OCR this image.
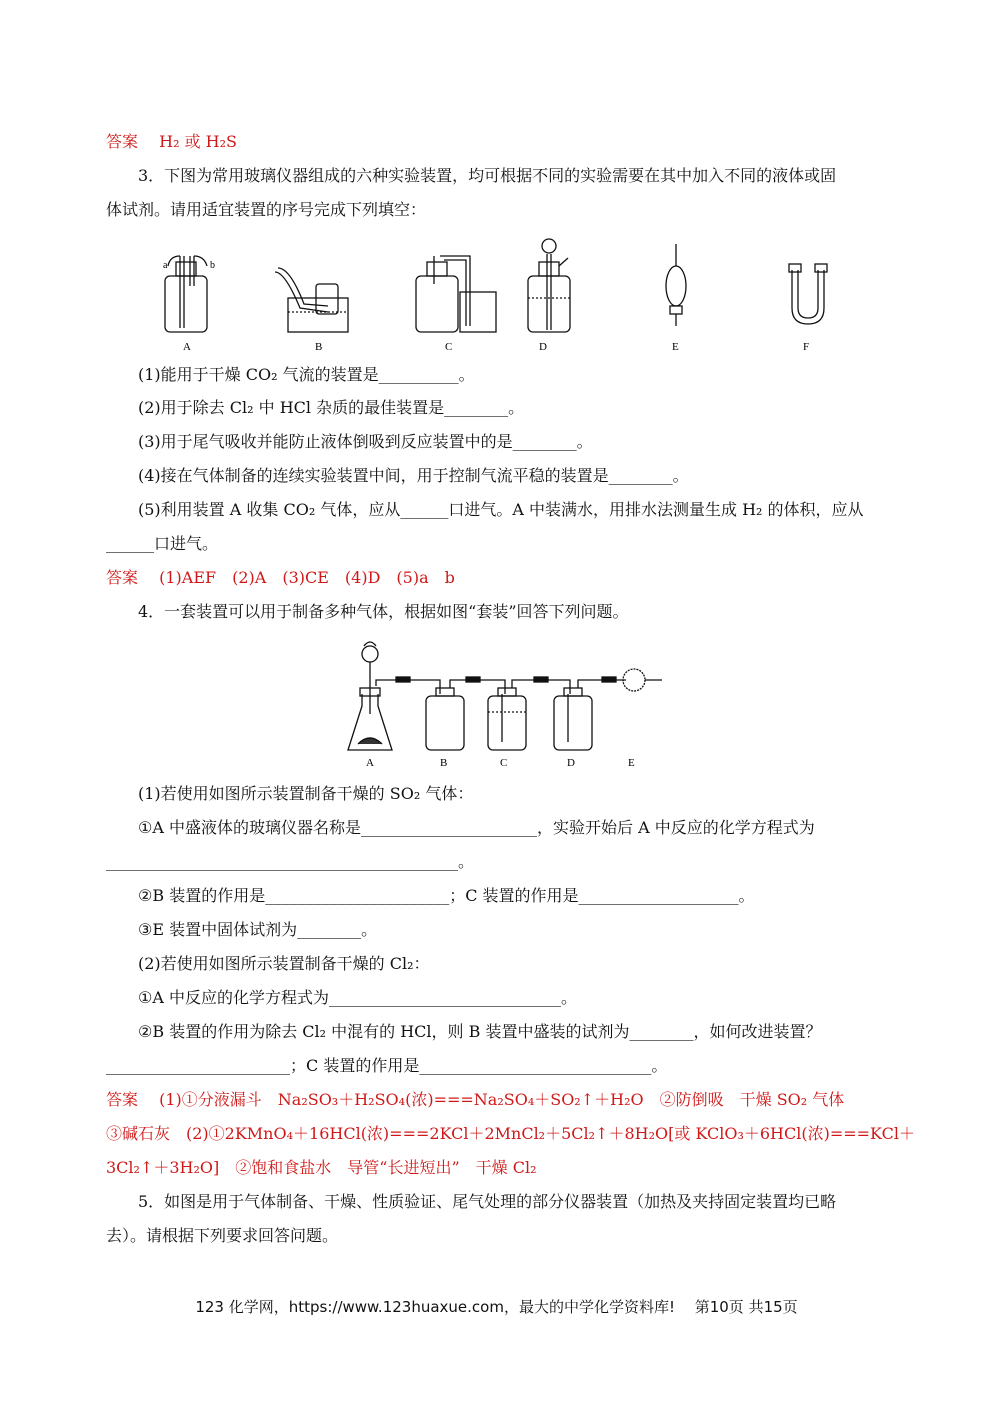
答案　 H₂ 或 H₂S
3．下图为常用玻璃仪器组成的六种实验装置，均可根据不同的实验需要在其中加入不同的液体或固
体试剂。请用适宜装置的序号完成下列填空：
a	b
A	B	C	D	E	F
(1)能用于干燥 CO₂ 气流的装置是__________。
(2)用于除去 Cl₂ 中 HCl 杂质的最佳装置是________。
(3)用于尾气吸收并能防止液体倒吸到反应装置中的是________。
(4)接在气体制备的连续实验装置中间，用于控制气流平稳的装置是________。
(5)利用装置 A 收集 CO₂ 气体，应从______口进气。A 中装满水，用排水法测量生成 H₂ 的体积，应从
______口进气。
答案　 (1)AEF　(2)A　(3)CE　(4)D　(5)a　b
4．一套装置可以用于制备多种气体，根据如图“套装”回答下列问题。
A	B	C	D	E
(1)若使用如图所示装置制备干燥的 SO₂ 气体：
①A 中盛液体的玻璃仪器名称是______________________，实验开始后 A 中反应的化学方程式为
____________________________________________。
②B 装置的作用是_______________________；C 装置的作用是____________________。
③E 装置中固体试剂为________。
(2)若使用如图所示装置制备干燥的 Cl₂：
①A 中反应的化学方程式为_____________________________。
②B 装置的作用为除去 Cl₂ 中混有的 HCl，则 B 装置中盛装的试剂为________，如何改进装置？
_______________________；C 装置的作用是_____________________________。
答案　 (1)①分液漏斗　Na₂SO₃＋H₂SO₄(浓)===Na₂SO₄＋SO₂↑＋H₂O　②防倒吸　干燥 SO₂ 气体
③碱石灰　(2)①2KMnO₄＋16HCl(浓)===2KCl＋2MnCl₂＋5Cl₂↑＋8H₂O[或 KClO₃＋6HCl(浓)===KCl＋
3Cl₂↑＋3H₂O]　②饱和食盐水　导管“长进短出”　干燥 Cl₂
5．如图是用于气体制备、干燥、性质验证、尾气处理的部分仪器装置（加热及夹持固定装置均已略
去）。请根据下列要求回答问题。
123 化学网，https://www.123huaxue.com，最大的中学化学资料库!　 第10页 共15页
